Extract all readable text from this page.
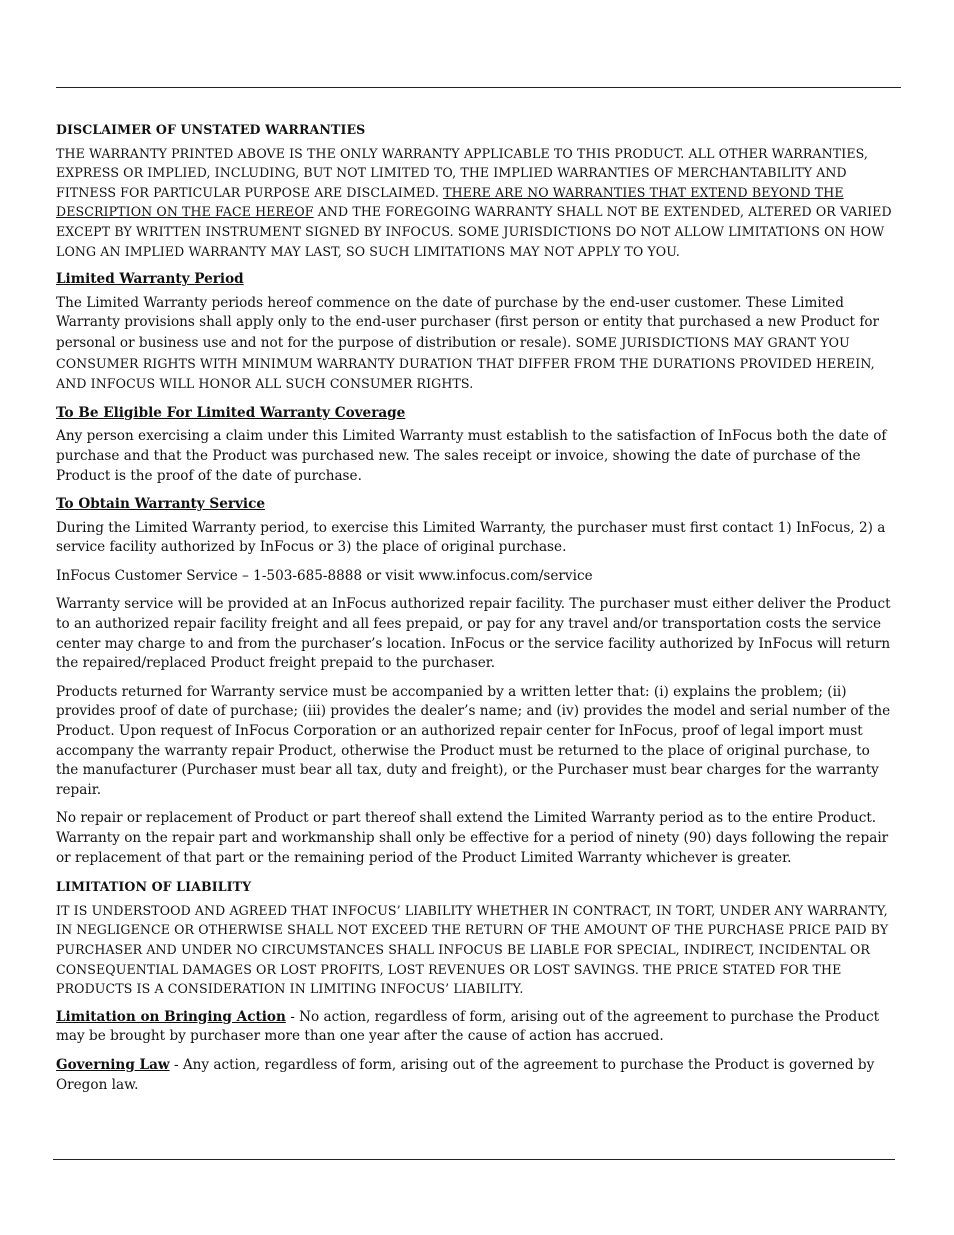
DISCLAIMER OF UNSTATED WARRANTIES

THE WARRANTY PRINTED ABOVE IS THE ONLY WARRANTY APPLICABLE TO THIS PRODUCT. ALL OTHER WARRANTIES, EXPRESS OR IMPLIED, INCLUDING, BUT NOT LIMITED TO, THE IMPLIED WARRANTIES OF MERCHANTABILITY AND FITNESS FOR PARTICULAR PURPOSE ARE DISCLAIMED. THERE ARE NO WARRANTIES THAT EXTEND BEYOND THE DESCRIPTION ON THE FACE HEREOF AND THE FOREGOING WARRANTY SHALL NOT BE EXTENDED, ALTERED OR VARIED EXCEPT BY WRITTEN INSTRUMENT SIGNED BY INFOCUS. SOME JURISDICTIONS DO NOT ALLOW LIMITATIONS ON HOW LONG AN IMPLIED WARRANTY MAY LAST, SO SUCH LIMITATIONS MAY NOT APPLY TO YOU.

Limited Warranty Period

The Limited Warranty periods hereof commence on the date of purchase by the end-user customer. These Limited Warranty provisions shall apply only to the end-user purchaser (first person or entity that purchased a new Product for personal or business use and not for the purpose of distribution or resale). SOME JURISDICTIONS MAY GRANT YOU CONSUMER RIGHTS WITH MINIMUM WARRANTY DURATION THAT DIFFER FROM THE DURATIONS PROVIDED HEREIN, AND INFOCUS WILL HONOR ALL SUCH CONSUMER RIGHTS.

To Be Eligible For Limited Warranty Coverage

Any person exercising a claim under this Limited Warranty must establish to the satisfaction of InFocus both the date of purchase and that the Product was purchased new. The sales receipt or invoice, showing the date of purchase of the Product is the proof of the date of purchase.

To Obtain Warranty Service

During the Limited Warranty period, to exercise this Limited Warranty, the purchaser must first contact 1) InFocus, 2) a service facility authorized by InFocus or 3) the place of original purchase.

InFocus Customer Service – 1-503-685-8888 or visit www.infocus.com/service

Warranty service will be provided at an InFocus authorized repair facility. The purchaser must either deliver the Product to an authorized repair facility freight and all fees prepaid, or pay for any travel and/or transportation costs the service center may charge to and from the purchaser’s location. InFocus or the service facility authorized by InFocus will return the repaired/replaced Product freight prepaid to the purchaser.

Products returned for Warranty service must be accompanied by a written letter that: (i) explains the problem; (ii) provides proof of date of purchase; (iii) provides the dealer’s name; and (iv) provides the model and serial number of the Product. Upon request of InFocus Corporation or an authorized repair center for InFocus, proof of legal import must accompany the warranty repair Product, otherwise the Product must be returned to the place of original purchase, to the manufacturer (Purchaser must bear all tax, duty and freight), or the Purchaser must bear charges for the warranty repair.

No repair or replacement of Product or part thereof shall extend the Limited Warranty period as to the entire Product. Warranty on the repair part and workmanship shall only be effective for a period of ninety (90) days following the repair or replacement of that part or the remaining period of the Product Limited Warranty whichever is greater.

LIMITATION OF LIABILITY

IT IS UNDERSTOOD AND AGREED THAT INFOCUS’ LIABILITY WHETHER IN CONTRACT, IN TORT, UNDER ANY WARRANTY, IN NEGLIGENCE OR OTHERWISE SHALL NOT EXCEED THE RETURN OF THE AMOUNT OF THE PURCHASE PRICE PAID BY PURCHASER AND UNDER NO CIRCUMSTANCES SHALL INFOCUS BE LIABLE FOR SPECIAL, INDIRECT, INCIDENTAL OR CONSEQUENTIAL DAMAGES OR LOST PROFITS, LOST REVENUES OR LOST SAVINGS. THE PRICE STATED FOR THE PRODUCTS IS A CONSIDERATION IN LIMITING INFOCUS’ LIABILITY.

Limitation on Bringing Action - No action, regardless of form, arising out of the agreement to purchase the Product may be brought by purchaser more than one year after the cause of action has accrued.

Governing Law - Any action, regardless of form, arising out of the agreement to purchase the Product is governed by Oregon law.
